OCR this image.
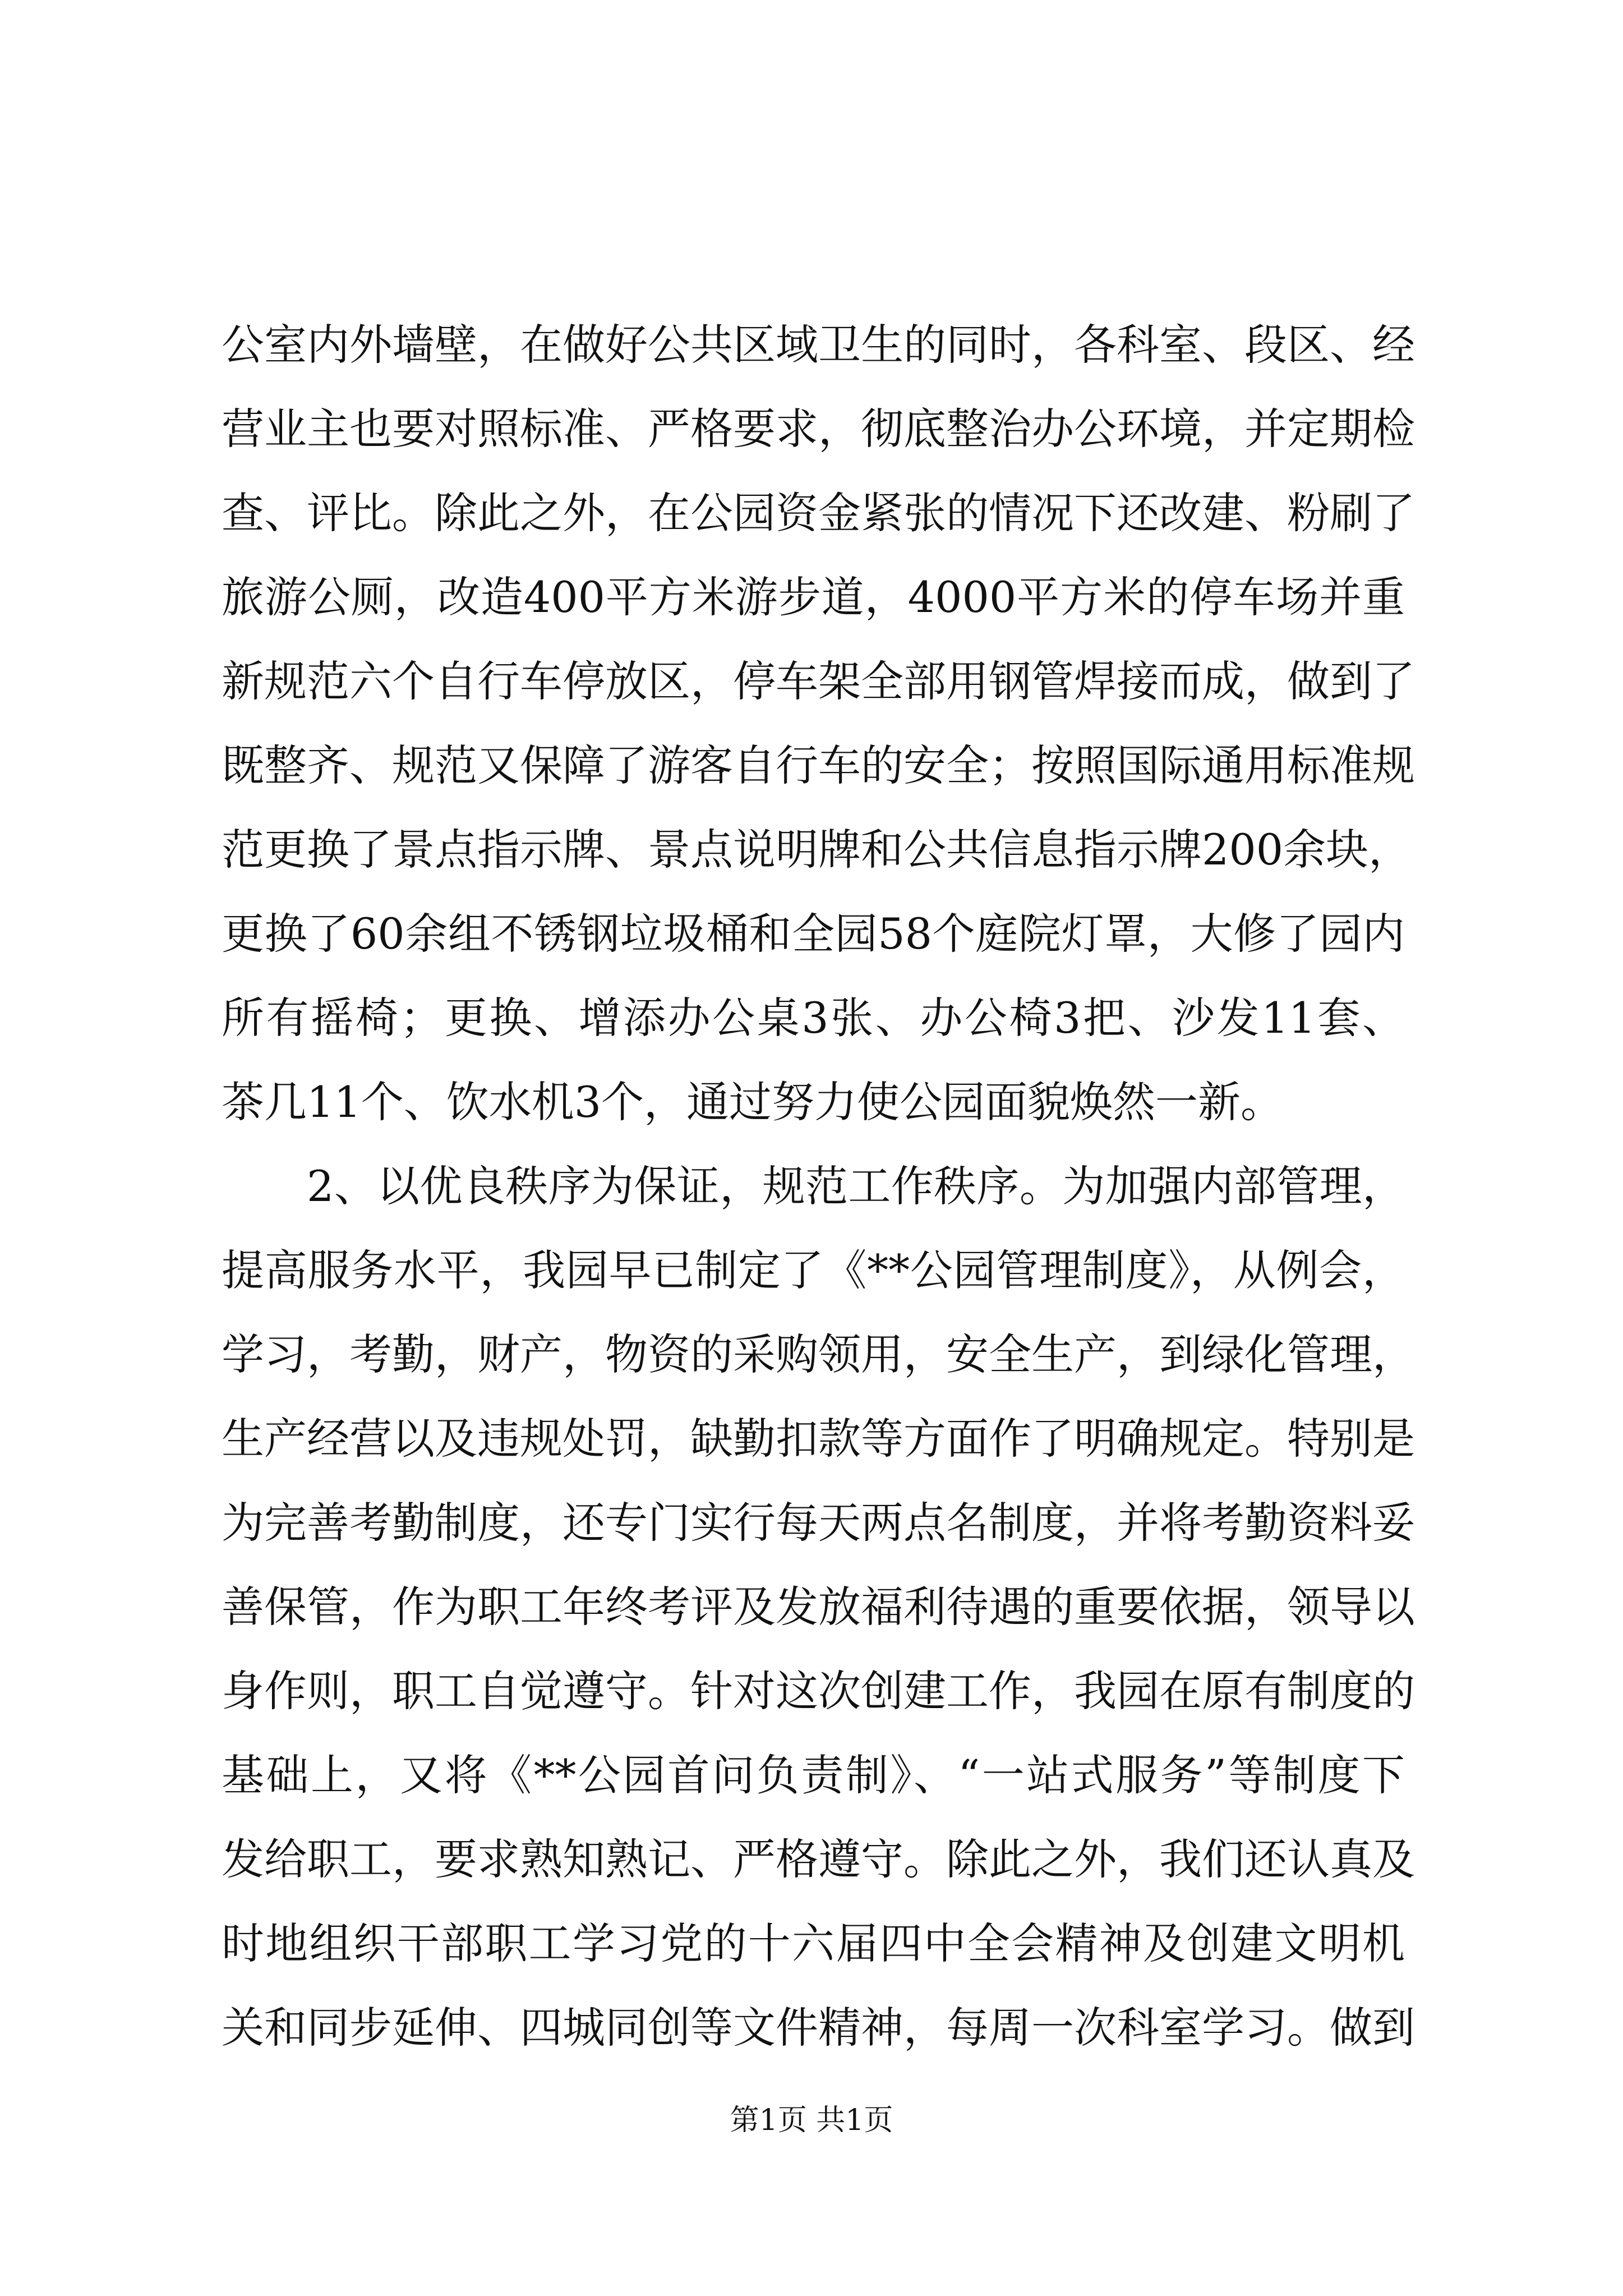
公室内外墙壁，在做好公共区域卫生的同时，各科室、段区、经
营业主也要对照标准、严格要求，彻底整治办公环境，并定期检
查、评比。除此之外，在公园资金紧张的情况下还改建、粉刷了
旅游公厕，改造400平方米游步道，4000平方米的停车场并重
新规范六个自行车停放区，停车架全部用钢管焊接而成，做到了
既整齐、规范又保障了游客自行车的安全；按照国际通用标准规
范更换了景点指示牌、景点说明牌和公共信息指示牌200余块，
更换了60余组不锈钢垃圾桶和全园58个庭院灯罩，大修了园内
所有摇椅；更换、增添办公桌3张、办公椅3把、沙发11套、
茶几11个、饮水机3个，通过努力使公园面貌焕然一新。
2、以优良秩序为保证，规范工作秩序。为加强内部管理，
提高服务水平，我园早已制定了《**公园管理制度》，从例会，
学习，考勤，财产，物资的采购领用，安全生产，到绿化管理，
生产经营以及违规处罚，缺勤扣款等方面作了明确规定。特别是
为完善考勤制度，还专门实行每天两点名制度，并将考勤资料妥
善保管，作为职工年终考评及发放福利待遇的重要依据，领导以
身作则，职工自觉遵守。针对这次创建工作，我园在原有制度的
基础上，又将《**公园首问负责制》、“一站式服务”等制度下
发给职工，要求熟知熟记、严格遵守。除此之外，我们还认真及
时地组织干部职工学习党的十六届四中全会精神及创建文明机
关和同步延伸、四城同创等文件精神，每周一次科室学习。做到
第1页 共1页
